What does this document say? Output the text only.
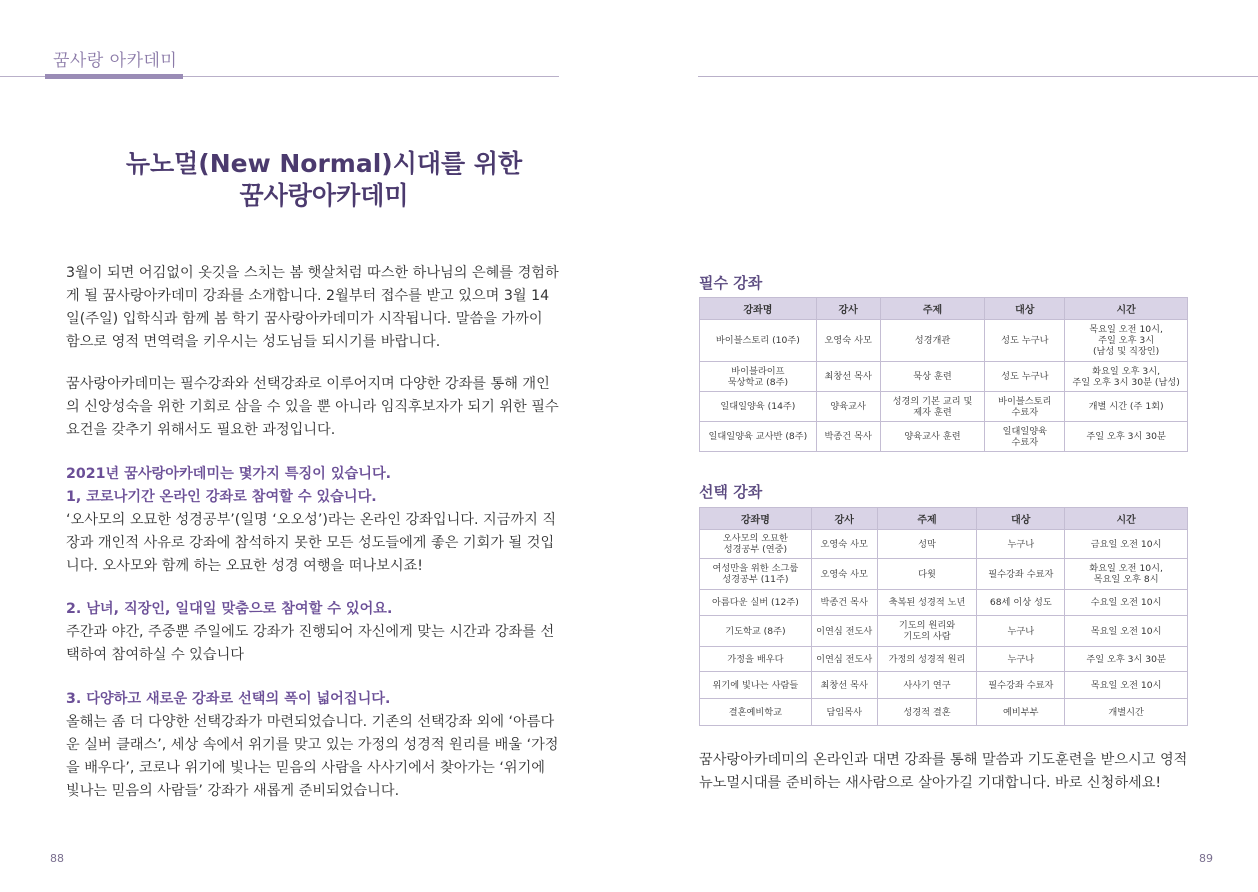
꿈사랑 아카데미
뉴노멀(New Normal)시대를 위한
꿈사랑아카데미

3월이 되면 어김없이 옷깃을 스치는 봄 햇살처럼 따스한 하나님의 은혜를 경험하게 될 꿈사랑아카데미 강좌를 소개합니다. 2월부터 접수를 받고 있으며 3월 14일(주일) 입학식과 함께 봄 학기 꿈사랑아카데미가 시작됩니다. 말씀을 가까이 함으로 영적 면역력을 키우시는 성도님들 되시기를 바랍니다.

꿈사랑아카데미는 필수강좌와 선택강좌로 이루어지며 다양한 강좌를 통해 개인의 신앙성숙을 위한 기회로 삼을 수 있을 뿐 아니라 임직후보자가 되기 위한 필수요건을 갖추기 위해서도 필요한 과정입니다.

2021년 꿈사랑아카데미는 몇가지 특징이 있습니다.

1, 코로나기간 온라인 강좌로 참여할 수 있습니다.

‘오사모의 오묘한 성경공부’(일명 ‘오오성’)라는 온라인 강좌입니다. 지금까지 직장과 개인적 사유로 강좌에 참석하지 못한 모든 성도들에게 좋은 기회가 될 것입니다. 오사모와 함께 하는 오묘한 성경 여행을 떠나보시죠!

2. 남녀, 직장인, 일대일 맞춤으로 참여할 수 있어요.

주간과 야간, 주중뿐 주일에도 강좌가 진행되어 자신에게 맞는 시간과 강좌를 선택하여 참여하실 수 있습니다

3. 다양하고 새로운 강좌로 선택의 폭이 넓어집니다.

올해는 좀 더 다양한 선택강좌가 마련되었습니다. 기존의 선택강좌 외에 ‘아름다운 실버 클래스’, 세상 속에서 위기를 맞고 있는 가정의 성경적 원리를 배울 ‘가정을 배우다’, 코로나 위기에 빛나는 믿음의 사람을 사사기에서 찾아가는 ‘위기에 빛나는 믿음의 사람들’ 강좌가 새롭게 준비되었습니다.

필수 강좌
강좌명	강사	주제	대상	시간
바이블스토리 (10주)	오영숙 사모	성경개관	성도 누구나	목요일 오전 10시,
주일 오후 3시
(남성 및 직장인)
바이블라이프
묵상학교 (8주)	최창선 목사	묵상 훈련	성도 누구나	화요일 오후 3시,
주일 오후 3시 30분 (남성)
일대일양육 (14주)	양육교사	성경의 기본 교리 및
제자 훈련	바이블스토리
수료자	개별 시간 (주 1회)
일대일양육 교사반 (8주)	박종건 목사	양육교사 훈련	일대일양육
수료자	주일 오후 3시 30분
선택 강좌
강좌명	강사	주제	대상	시간
오사모의 오묘한
성경공부 (연중)	오영숙 사모	성막	누구나	금요일 오전 10시
여성만을 위한 소그룹
성경공부 (11주)	오영숙 사모	다윗	필수강좌 수료자	화요일 오전 10시,
목요일 오후 8시
아름다운 실버 (12주)	박종건 목사	축복된 성경적 노년	68세 이상 성도	수요일 오전 10시
기도학교 (8주)	이연심 전도사	기도의 원리와
기도의 사람	누구나	목요일 오전 10시
가정을 배우다	이연심 전도사	가정의 성경적 원리	누구나	주일 오후 3시 30분
위기에 빛나는 사람들	최창선 목사	사사기 연구	필수강좌 수료자	목요일 오전 10시
결혼예비학교	담임목사	성경적 결혼	예비부부	개별시간

꿈사랑아카데미의 온라인과 대면 강좌를 통해 말씀과 기도훈련을 받으시고 영적 뉴노멀시대를 준비하는 새사람으로 살아가길 기대합니다. 바로 신청하세요!

88	89
